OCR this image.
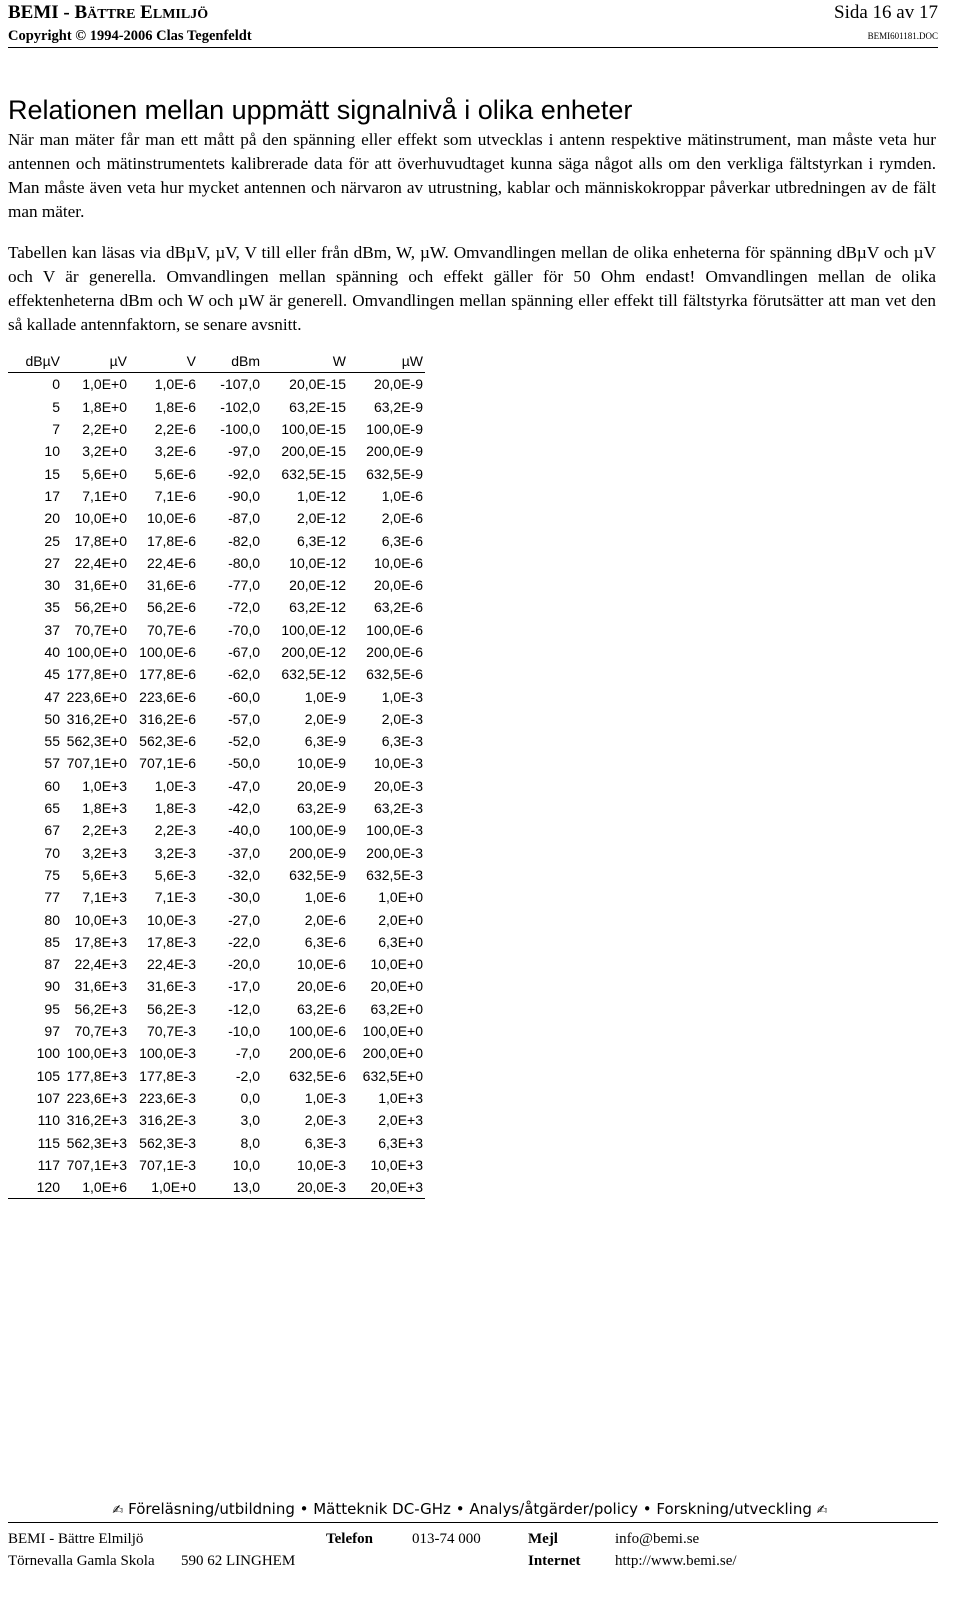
BEMI - BÄTTRE ELMILJÖ
Copyright © 1994-2006 Clas Tegenfeldt
Sida 16 av 17
BEMI601181.DOC
Relationen mellan uppmätt signalnivå i olika enheter
När man mäter får man ett mått på den spänning eller effekt som utvecklas i antenn respektive mätinstrument, man måste veta hur antennen och mätinstrumentets kalibrerade data för att överhuvudtaget kunna säga något alls om den verkliga fältstyrkan i rymden. Man måste även veta hur mycket antennen och närvaron av utrustning, kablar och människokroppar påverkar utbredningen av de fält man mäter.
Tabellen kan läsas via dBµV, µV, V till eller från dBm, W, µW. Omvandlingen mellan de olika enheterna för spänning dBµV och µV och V är generella. Omvandlingen mellan spänning och effekt gäller för 50 Ohm endast! Omvandlingen mellan de olika effektenheterna dBm och W och µW är generell. Omvandlingen mellan spänning eller effekt till fältstyrka förutsätter att man vet den så kallade antennfaktorn, se senare avsnitt.
dBµV	µV	V	dBm	W	µW
0	1,0E+0	1,0E-6	-107,0	20,0E-15	20,0E-9
5	1,8E+0	1,8E-6	-102,0	63,2E-15	63,2E-9
7	2,2E+0	2,2E-6	-100,0	100,0E-15	100,0E-9
10	3,2E+0	3,2E-6	-97,0	200,0E-15	200,0E-9
15	5,6E+0	5,6E-6	-92,0	632,5E-15	632,5E-9
17	7,1E+0	7,1E-6	-90,0	1,0E-12	1,0E-6
20	10,0E+0	10,0E-6	-87,0	2,0E-12	2,0E-6
25	17,8E+0	17,8E-6	-82,0	6,3E-12	6,3E-6
27	22,4E+0	22,4E-6	-80,0	10,0E-12	10,0E-6
30	31,6E+0	31,6E-6	-77,0	20,0E-12	20,0E-6
35	56,2E+0	56,2E-6	-72,0	63,2E-12	63,2E-6
37	70,7E+0	70,7E-6	-70,0	100,0E-12	100,0E-6
40	100,0E+0	100,0E-6	-67,0	200,0E-12	200,0E-6
45	177,8E+0	177,8E-6	-62,0	632,5E-12	632,5E-6
47	223,6E+0	223,6E-6	-60,0	1,0E-9	1,0E-3
50	316,2E+0	316,2E-6	-57,0	2,0E-9	2,0E-3
55	562,3E+0	562,3E-6	-52,0	6,3E-9	6,3E-3
57	707,1E+0	707,1E-6	-50,0	10,0E-9	10,0E-3
60	1,0E+3	1,0E-3	-47,0	20,0E-9	20,0E-3
65	1,8E+3	1,8E-3	-42,0	63,2E-9	63,2E-3
67	2,2E+3	2,2E-3	-40,0	100,0E-9	100,0E-3
70	3,2E+3	3,2E-3	-37,0	200,0E-9	200,0E-3
75	5,6E+3	5,6E-3	-32,0	632,5E-9	632,5E-3
77	7,1E+3	7,1E-3	-30,0	1,0E-6	1,0E+0
80	10,0E+3	10,0E-3	-27,0	2,0E-6	2,0E+0
85	17,8E+3	17,8E-3	-22,0	6,3E-6	6,3E+0
87	22,4E+3	22,4E-3	-20,0	10,0E-6	10,0E+0
90	31,6E+3	31,6E-3	-17,0	20,0E-6	20,0E+0
95	56,2E+3	56,2E-3	-12,0	63,2E-6	63,2E+0
97	70,7E+3	70,7E-3	-10,0	100,0E-6	100,0E+0
100	100,0E+3	100,0E-3	-7,0	200,0E-6	200,0E+0
105	177,8E+3	177,8E-3	-2,0	632,5E-6	632,5E+0
107	223,6E+3	223,6E-3	0,0	1,0E-3	1,0E+3
110	316,2E+3	316,2E-3	3,0	2,0E-3	2,0E+3
115	562,3E+3	562,3E-3	8,0	6,3E-3	6,3E+3
117	707,1E+3	707,1E-3	10,0	10,0E-3	10,0E+3
120	1,0E+6	1,0E+0	13,0	20,0E-3	20,0E+3
✍ Föreläsning/utbildning • Mätteknik DC-GHz • Analys/åtgärder/policy • Forskning/utveckling ✍
BEMI - Bättre Elmiljö	Telefon	013-74 000	Mejl	info@bemi.se
Törnevalla Gamla Skola 590 62 LINGHEM	Internet http://www.bemi.se/
